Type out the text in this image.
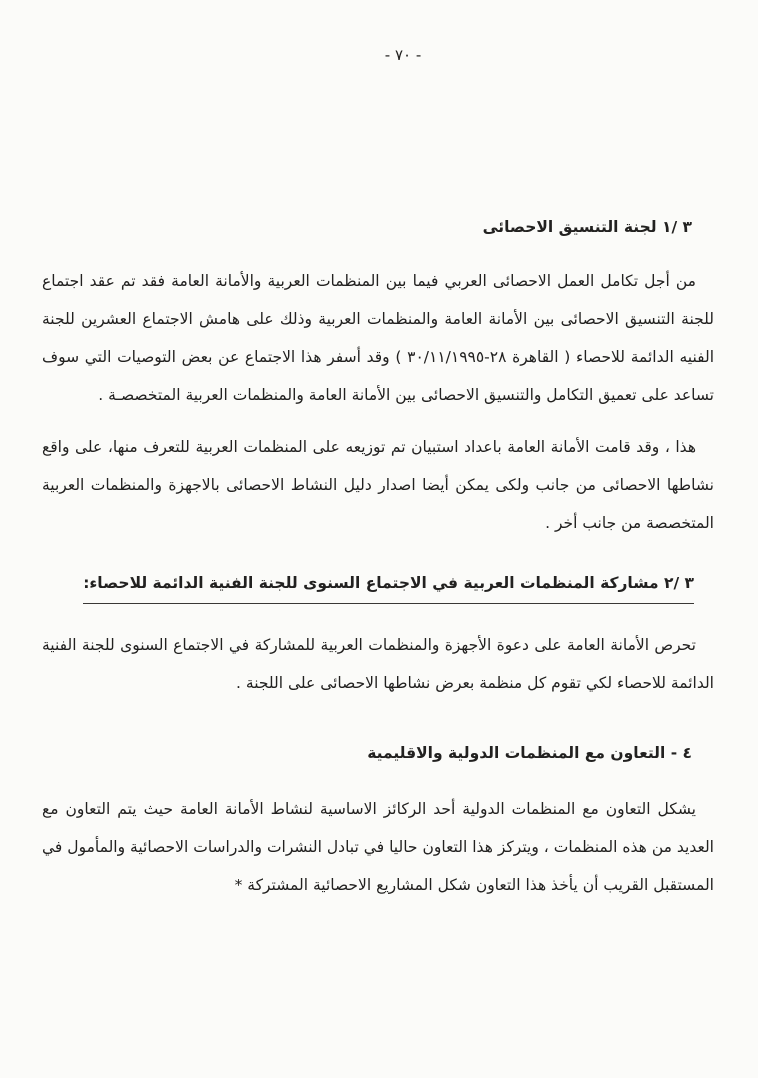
- ٧٠ -
٣ /١ لجنة التنسيق الاحصائى

من أجل تكامل العمل الاحصائى العربي فيما بين المنظمات العربية والأمانة العامة فقد تم عقد اجتماع للجنة التنسيق الاحصائى بين الأمانة العامة والمنظمات العربية وذلك على هامش الاجتماع العشرين للجنة الفنيه الدائمة للاحصاء ( القاهرة ٢٨-٣٠/١١/١٩٩٥ ) وقد أسفر هذا الاجتماع عن بعض التوصيات التي سوف تساعد على تعميق التكامل والتنسيق الاحصائى بين الأمانة العامة والمنظمات العربية المتخصصـة .

هذا ، وقد قامت الأمانة العامة باعداد استبيان تم توزيعه على المنظمات العربية للتعرف منها، على واقع نشاطها الاحصائى من جانب ولكى يمكن أيضا اصدار دليل النشاط الاحصائى بالاجهزة والمنظمات العربية المتخصصة من جانب أخر .

٣ /٢ مشاركة المنظمات العربية في الاجتماع السنوى للجنة الفنية الدائمة للاحصاء:

تحرص الأمانة العامة على دعوة الأجهزة والمنظمات العربية للمشاركة في الاجتماع السنوى للجنة الفنية الدائمة للاحصاء لكي تقوم كل منظمة بعرض نشاطها الاحصائى على اللجنة .

٤ - التعاون مع المنظمات الدولية والاقليمية

يشكل التعاون مع المنظمات الدولية أحد الركائز الاساسية لنشاط الأمانة العامة حيث يتم التعاون مع العديد من هذه المنظمات ، ويتركز هذا التعاون حاليا في تبادل النشرات والدراسات الاحصائية والمأمول في المستقبل القريب أن يأخذ هذا التعاون شكل المشاريع الاحصائية المشتركة *
